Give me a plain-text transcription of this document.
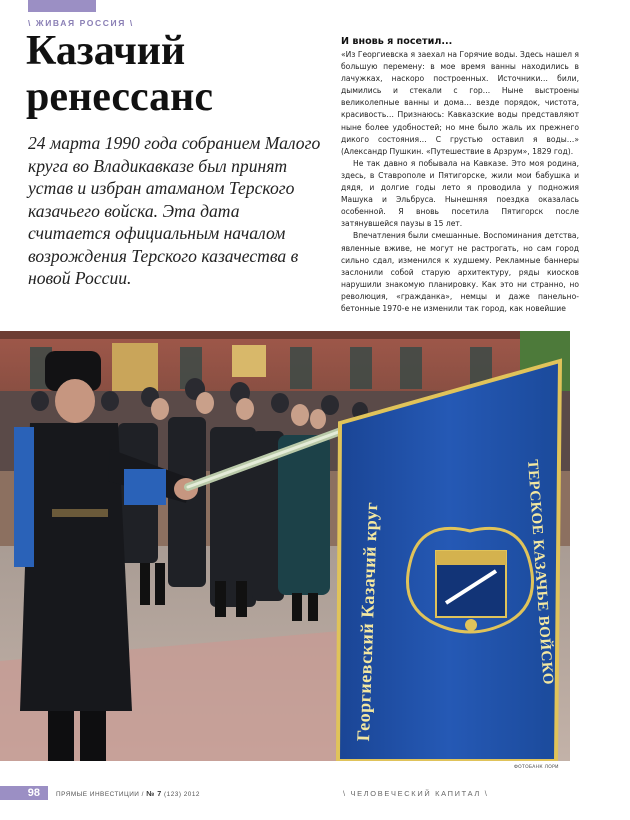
\ ЖИВАЯ РОССИЯ \
Казачий
ренессанс

24 марта 1990 года собранием Малого круга во Владикавказе был принят устав и избран атаманом Терского казачьего войска. Эта дата считается официальным началом возрождения Терского казачества в новой России.

И вновь я посетил...

«Из Георгиевска я заехал на Горячие воды. Здесь нашел я большую перемену: в мое время ванны находились в лачужках, наскоро построенных. Источники… били, дымились и стекали с гор… Ныне выстроены великолепные ванны и дома… везде порядок, чистота, красивость… Признаюсь: Кавказские воды представляют ныне более удобностей; но мне было жаль их прежнего дикого состояния… С грустью оставил я воды…» (Александр Пушкин. «Путешествие в Арзрум», 1829 год).

Не так давно я побывала на Кавказе. Это моя родина, здесь, в Ставрополе и Пятигорске, жили мои бабушка и дядя, и долгие годы лето я проводила у подножия Машука и Эльбруса. Нынешняя поездка оказалась особенной. Я вновь посетила Пятигорск после затянувшейся паузы в 15 лет.

Впечатления были смешанные. Воспоминания детства, явленные вживе, не могут не растрогать, но сам город сильно сдал, изменился к худшему. Рекламные баннеры заслонили собой старую архитектуру, ряды киосков нарушили знакомую планировку. Как это ни странно, но революция, «гражданка», немцы и даже панельно-бетонные 1970-е не изменили так город, как новейшие

Георгиевский Казачий круг	ТЕРСКОЕ КАЗАЧЬЕ ВОЙСКО
ФОТОБАНК ЛОРИ
98	ПРЯМЫЕ ИНВЕСТИЦИИ / № 7 (123) 2012	\ ЧЕЛОВЕЧЕСКИЙ КАПИТАЛ \
